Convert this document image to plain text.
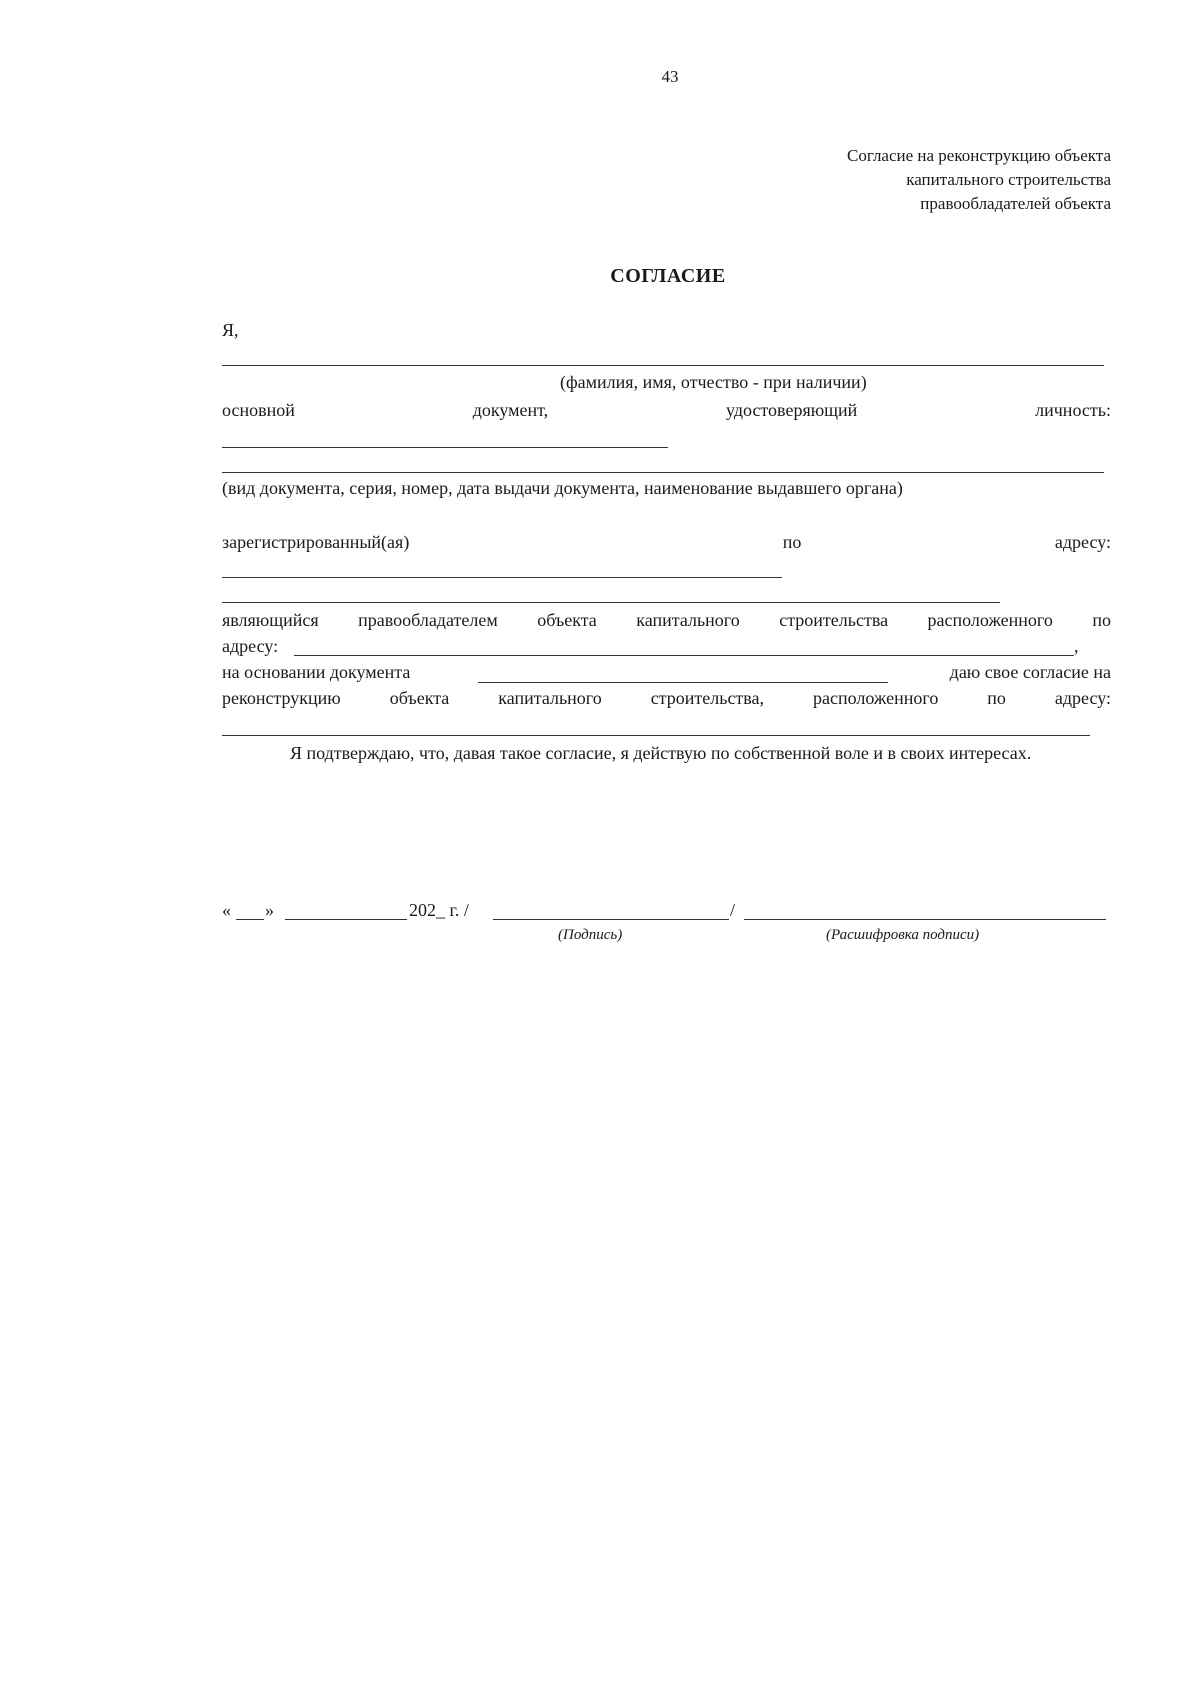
43
Согласие на реконструкцию объекта
капитального строительства
правообладателей объекта
СОГЛАСИЕ
Я,
(фамилия, имя, отчество - при наличии)
основной	документ,	удостоверяющий	личность:
(вид документа, серия, номер, дата выдачи документа, наименование выдавшего органа)
зарегистрированный(ая)	по	адресу:
являющийся правообладателем объекта капитального строительства расположенного по
адресу:	,
на основании документа	даю свое согласие на
реконструкцию	объекта	капитального	строительства,	расположенного	по	адресу:
Я подтверждаю, что, давая такое согласие, я действую по собственной воле и в своих интересах.
« »	202_ г. /	/
(Подпись)	(Расшифровка подписи)
